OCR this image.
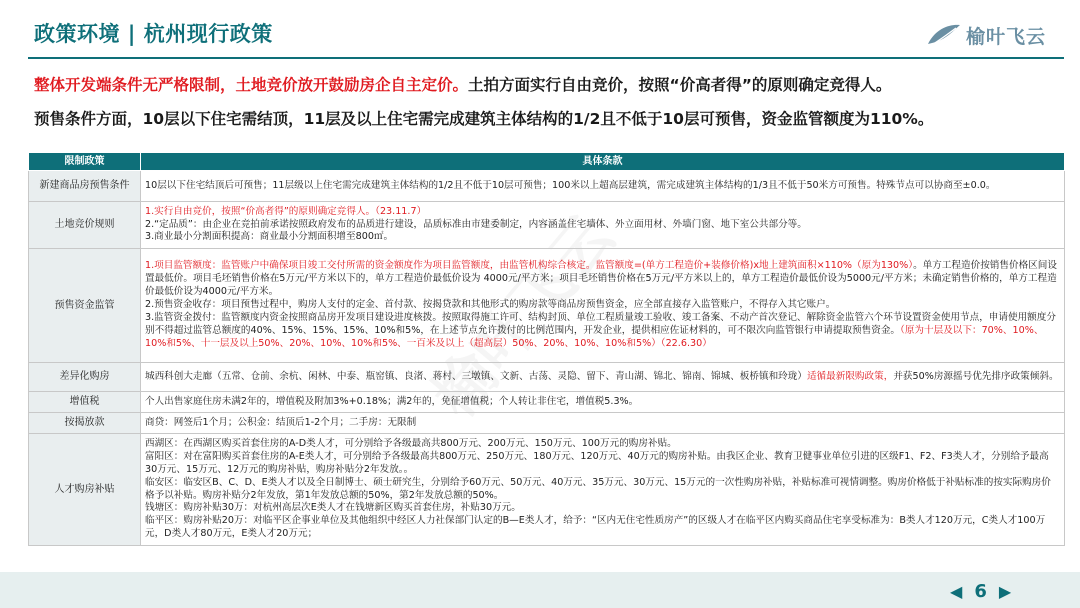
政策环境 | 杭州现行政策	榆叶飞云
整体开发端条件无严格限制，土地竞价放开鼓励房企自主定价。土拍方面实行自由竞价，按照“价高者得”的原则确定竞得人。
预售条件方面，10层以下住宅需结顶，11层及以上住宅需完成建筑主体结构的1/2且不低于10层可预售，资金监管额度为110%。
限制政策	具体条款
新建商品房预售条件	10层以下住宅结顶后可预售；11层级以上住宅需完成建筑主体结构的1/2且不低于10层可预售；100米以上超高层建筑，需完成建筑主体结构的1/3且不低于50米方可预售。特殊节点可以协商至±0.0。
土地竞价规则	1.实行自由竞价，按照“价高者得”的原则确定竞得人。（23.11.7）
2.“定品质”：由企业在竞拍前承诺按照政府发布的品质进行建设，品质标准由市建委制定，内容涵盖住宅墙体、外立面用材、外墙门窗、地下室公共部分等。
3.商业最小分割面积提高：商业最小分割面积增至800㎡。

预售资金监管	1.项目监管额度：监管账户中确保项目竣工交付所需的资金额度作为项目监管额度，由监管机构综合核定。监管额度=(单方工程造价+装修价格)x地上建筑面积×110%（原为130%）。单方工程造价按销售价格区间设置最低价。项目毛坯销售价格在5万元/平方米以下的，单方工程造价最低价设为 4000元/平方米；项目毛坯销售价格在5万元/平方米以上的，单方工程造价最低价设为5000元/平方米；未确定销售价格的，单方工程造价最低价设为4000元/平方米。
2.预售资金收存：项目预售过程中，购房人支付的定金、首付款、按揭贷款和其他形式的购房款等商品房预售资金，应全部直接存入监管账户，不得存入其它账户。
3.监管资金拨付：监管额度内资金按照商品房开发项目建设进度核拨。按照取得施工许可、结构封顶、单位工程质量竣工验收、竣工备案、不动产首次登记、解除资金监管六个环节设置资金使用节点，申请使用额度分别不得超过监管总额度的40%、15%、15%、15%、10%和5%，在上述节点允许拨付的比例范围内，开发企业，提供相应佐证材料的，可不限次向监管银行申请提取预售资金。（原为十层及以下：70%、10%、10%和5%、十一层及以上50%、20%、10%、10%和5%、一百米及以上（超高层）50%、20%、10%、10%和5%）（22.6.30）
差异化购房	城西科创大走廊（五常、仓前、余杭、闲林、中泰、瓶窑镇、良渚、蒋村、三墩镇、文新、古荡、灵隐、留下、青山湖、锦北、锦南、锦城、板桥镇和玲珑）适循最新限购政策，并获50%房源摇号优先排序政策倾斜。
增值税	个人出售家庭住房未满2年的，增值税及附加3%+0.18%；满2年的，免征增值税；个人转让非住宅，增值税5.3%。
按揭放款	商贷：网签后1个月；公积金：结顶后1-2个月；二手房：无限制
人才购房补贴	西湖区：在西湖区购买首套住房的A-D类人才，可分别给予各级最高共800万元、200万元、150万元、100万元的购房补贴。
富阳区：对在富阳购买首套住房的A-E类人才，可分别给予各级最高共800万元、250万元、180万元、120万元、40万元的购房补贴。由我区企业、教育卫健事业单位引进的区级F1、F2、F3类人才，分别给予最高30万元、15万元、12万元的购房补贴，购房补贴分2年发放。。
临安区：临安区B、C、D、E类人才以及全日制博士、硕士研究生，分别给予60万元、50万元、40万元、35万元、30万元、15万元的一次性购房补贴，补贴标准可视情调整。购房价格低于补贴标准的按实际购房价格予以补贴。购房补贴分2年发放，第1年发放总额的50%，第2年发放总额的50%。
钱塘区：购房补贴30万：对杭州高层次E类人才在钱塘新区购买首套住房，补贴30万元。
临平区：购房补贴20万：对临平区企事业单位及其他组织中经区人力社保部门认定的B—E类人才，给予：“区内无住宅性质房产”的区级人才在临平区内购买商品住宅享受标准为：B类人才120万元，C类人才100万元，D类人才80万元，E类人才20万元；
◀ 6 ▶
